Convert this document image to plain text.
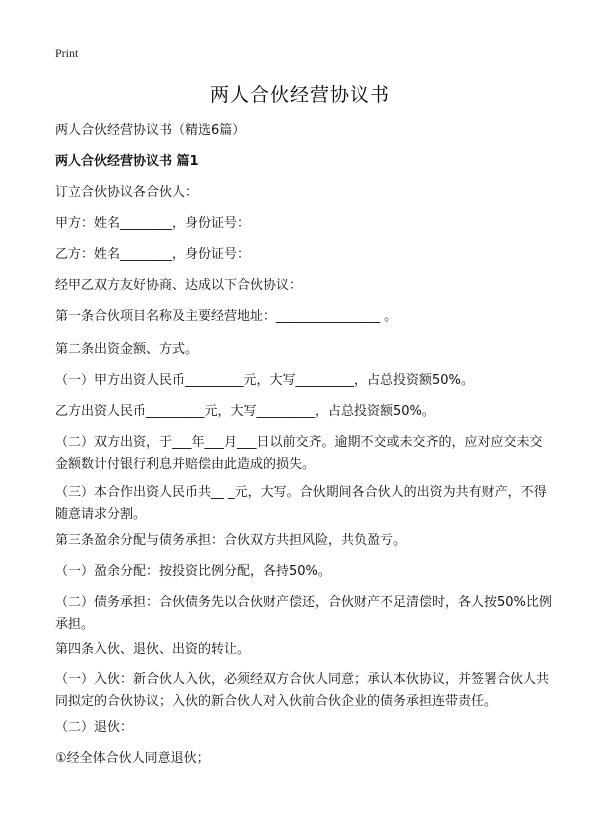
Print
两人合伙经营协议书

两人合伙经营协议书（精选6篇）

两人合伙经营协议书 篇1

订立合伙协议各合伙人：

甲方：姓名________，身份证号：

乙方：姓名________，身份证号：

经甲乙双方友好协商、达成以下合伙协议：

第一条合伙项目名称及主要经营地址：________________ 。

第二条出资金额、方式。

（一）甲方出资人民币_________元，大写_________，占总投资额50%。

乙方出资人民币_________元，大写_________，占总投资额50%。

（二）双方出资，于___年___月___日以前交齐。逾期不交或未交齐的，应对应交未交金额数计付银行利息并赔偿由此造成的损失。

（三）本合作出资人民币共__ _元，大写。合伙期间各合伙人的出资为共有财产，不得随意请求分割。

第三条盈余分配与债务承担：合伙双方共担风险，共负盈亏。

（一）盈余分配：按投资比例分配，各持50%。

（二）债务承担：合伙债务先以合伙财产偿还，合伙财产不足清偿时，各人按50%比例承担。

第四条入伙、退伙、出资的转让。

（一）入伙：新合伙人入伙，必须经双方合伙人同意；承认本伙协议，并签署合伙人共同拟定的合伙协议；入伙的新合伙人对入伙前合伙企业的债务承担连带责任。

（二）退伙：

①经全体合伙人同意退伙；
